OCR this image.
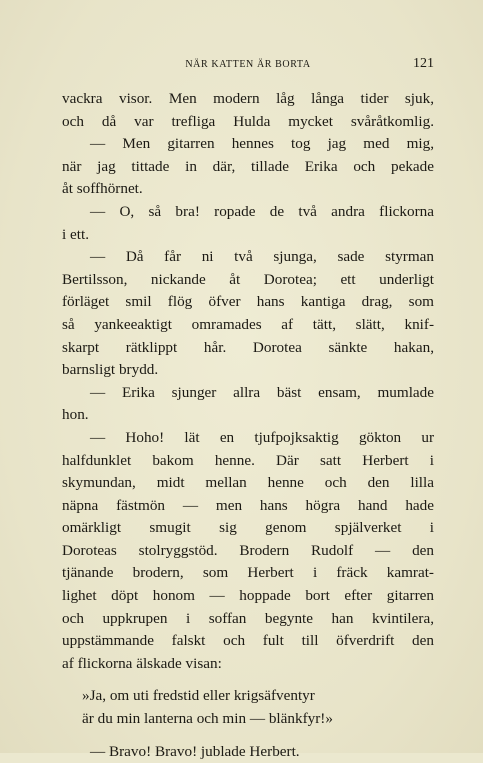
NÄR KATTEN ÄR BORTA	121
vackra visor. Men modern låg långa tider sjuk,
och då var trefliga Hulda mycket svåråtkomlig.
— Men gitarren hennes tog jag med mig,
när jag tittade in där, tillade Erika och pekade
åt soffhörnet.
— O, så bra! ropade de två andra flickorna
i ett.
— Då får ni två sjunga, sade styrman
Bertilsson, nickande åt Dorotea; ett underligt
förläget smil flög öfver hans kantiga drag, som
så yankeeaktigt omramades af tätt, slätt, knif-
skarpt rätklippt hår. Dorotea sänkte hakan,
barnsligt brydd.
— Erika sjunger allra bäst ensam, mumlade
hon.
— Hoho! lät en tjufpojksaktig gökton ur
halfdunklet bakom henne. Där satt Herbert i
skymundan, midt mellan henne och den lilla
näpna fästmön — men hans högra hand hade
omärkligt smugit sig genom spjälverket i
Doroteas stolryggstöd. Brodern Rudolf — den
tjänande brodern, som Herbert i fräck kamrat-
lighet döpt honom — hoppade bort efter gitarren
och uppkrupen i soffan begynte han kvintilera,
uppstämmande falskt och fult till öfverdrift den
af flickorna älskade visan:
»Ja, om uti fredstid eller krigsäfventyr
är du min lanterna och min — blänkfyr!»
— Bravo! Bravo! jublade Herbert.
